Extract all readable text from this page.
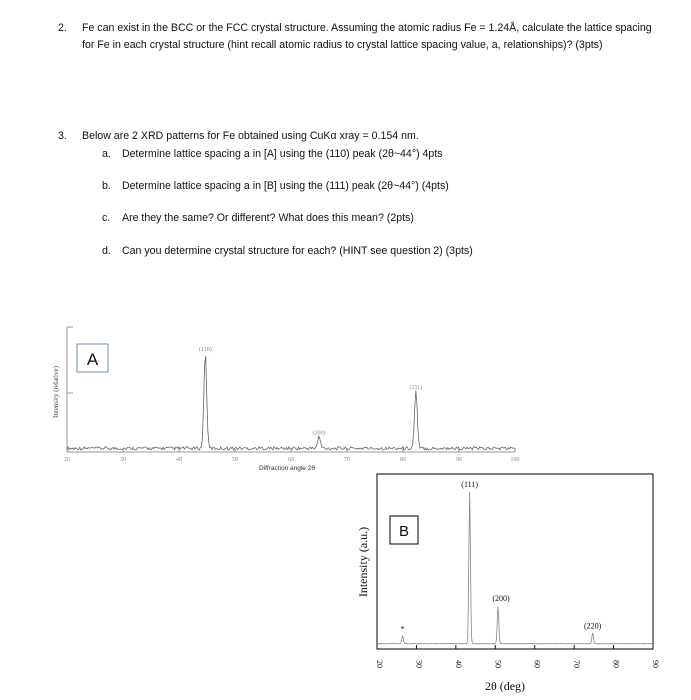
2. Fe can exist in the BCC or the FCC crystal structure. Assuming the atomic radius Fe = 1.24Å, calculate the lattice spacing for Fe in each crystal structure (hint recall atomic radius to crystal lattice spacing value, a, relationships)? (3pts)
3. Below are 2 XRD patterns for Fe obtained using CuKα xray = 0.154 nm.
a. Determine lattice spacing a in [A] using the (110) peak (2θ~44°) 4pts
b. Determine lattice spacing a in [B] using the (111) peak (2θ~44°) (4pts)
c. Are they the same? Or different? What does this mean? (2pts)
d. Can you determine crystal structure for each? (HINT see question 2) (3pts)
Intensity (relative)
A
20	30	40	50	60	70	80	90	100
(110)
(200)
(211)
Diffraction angle 2θ
Intensity (a.u.) B
20	30	40	50	60	70	80	90
*
(111)
(200)
(220)
2θ (deg)
